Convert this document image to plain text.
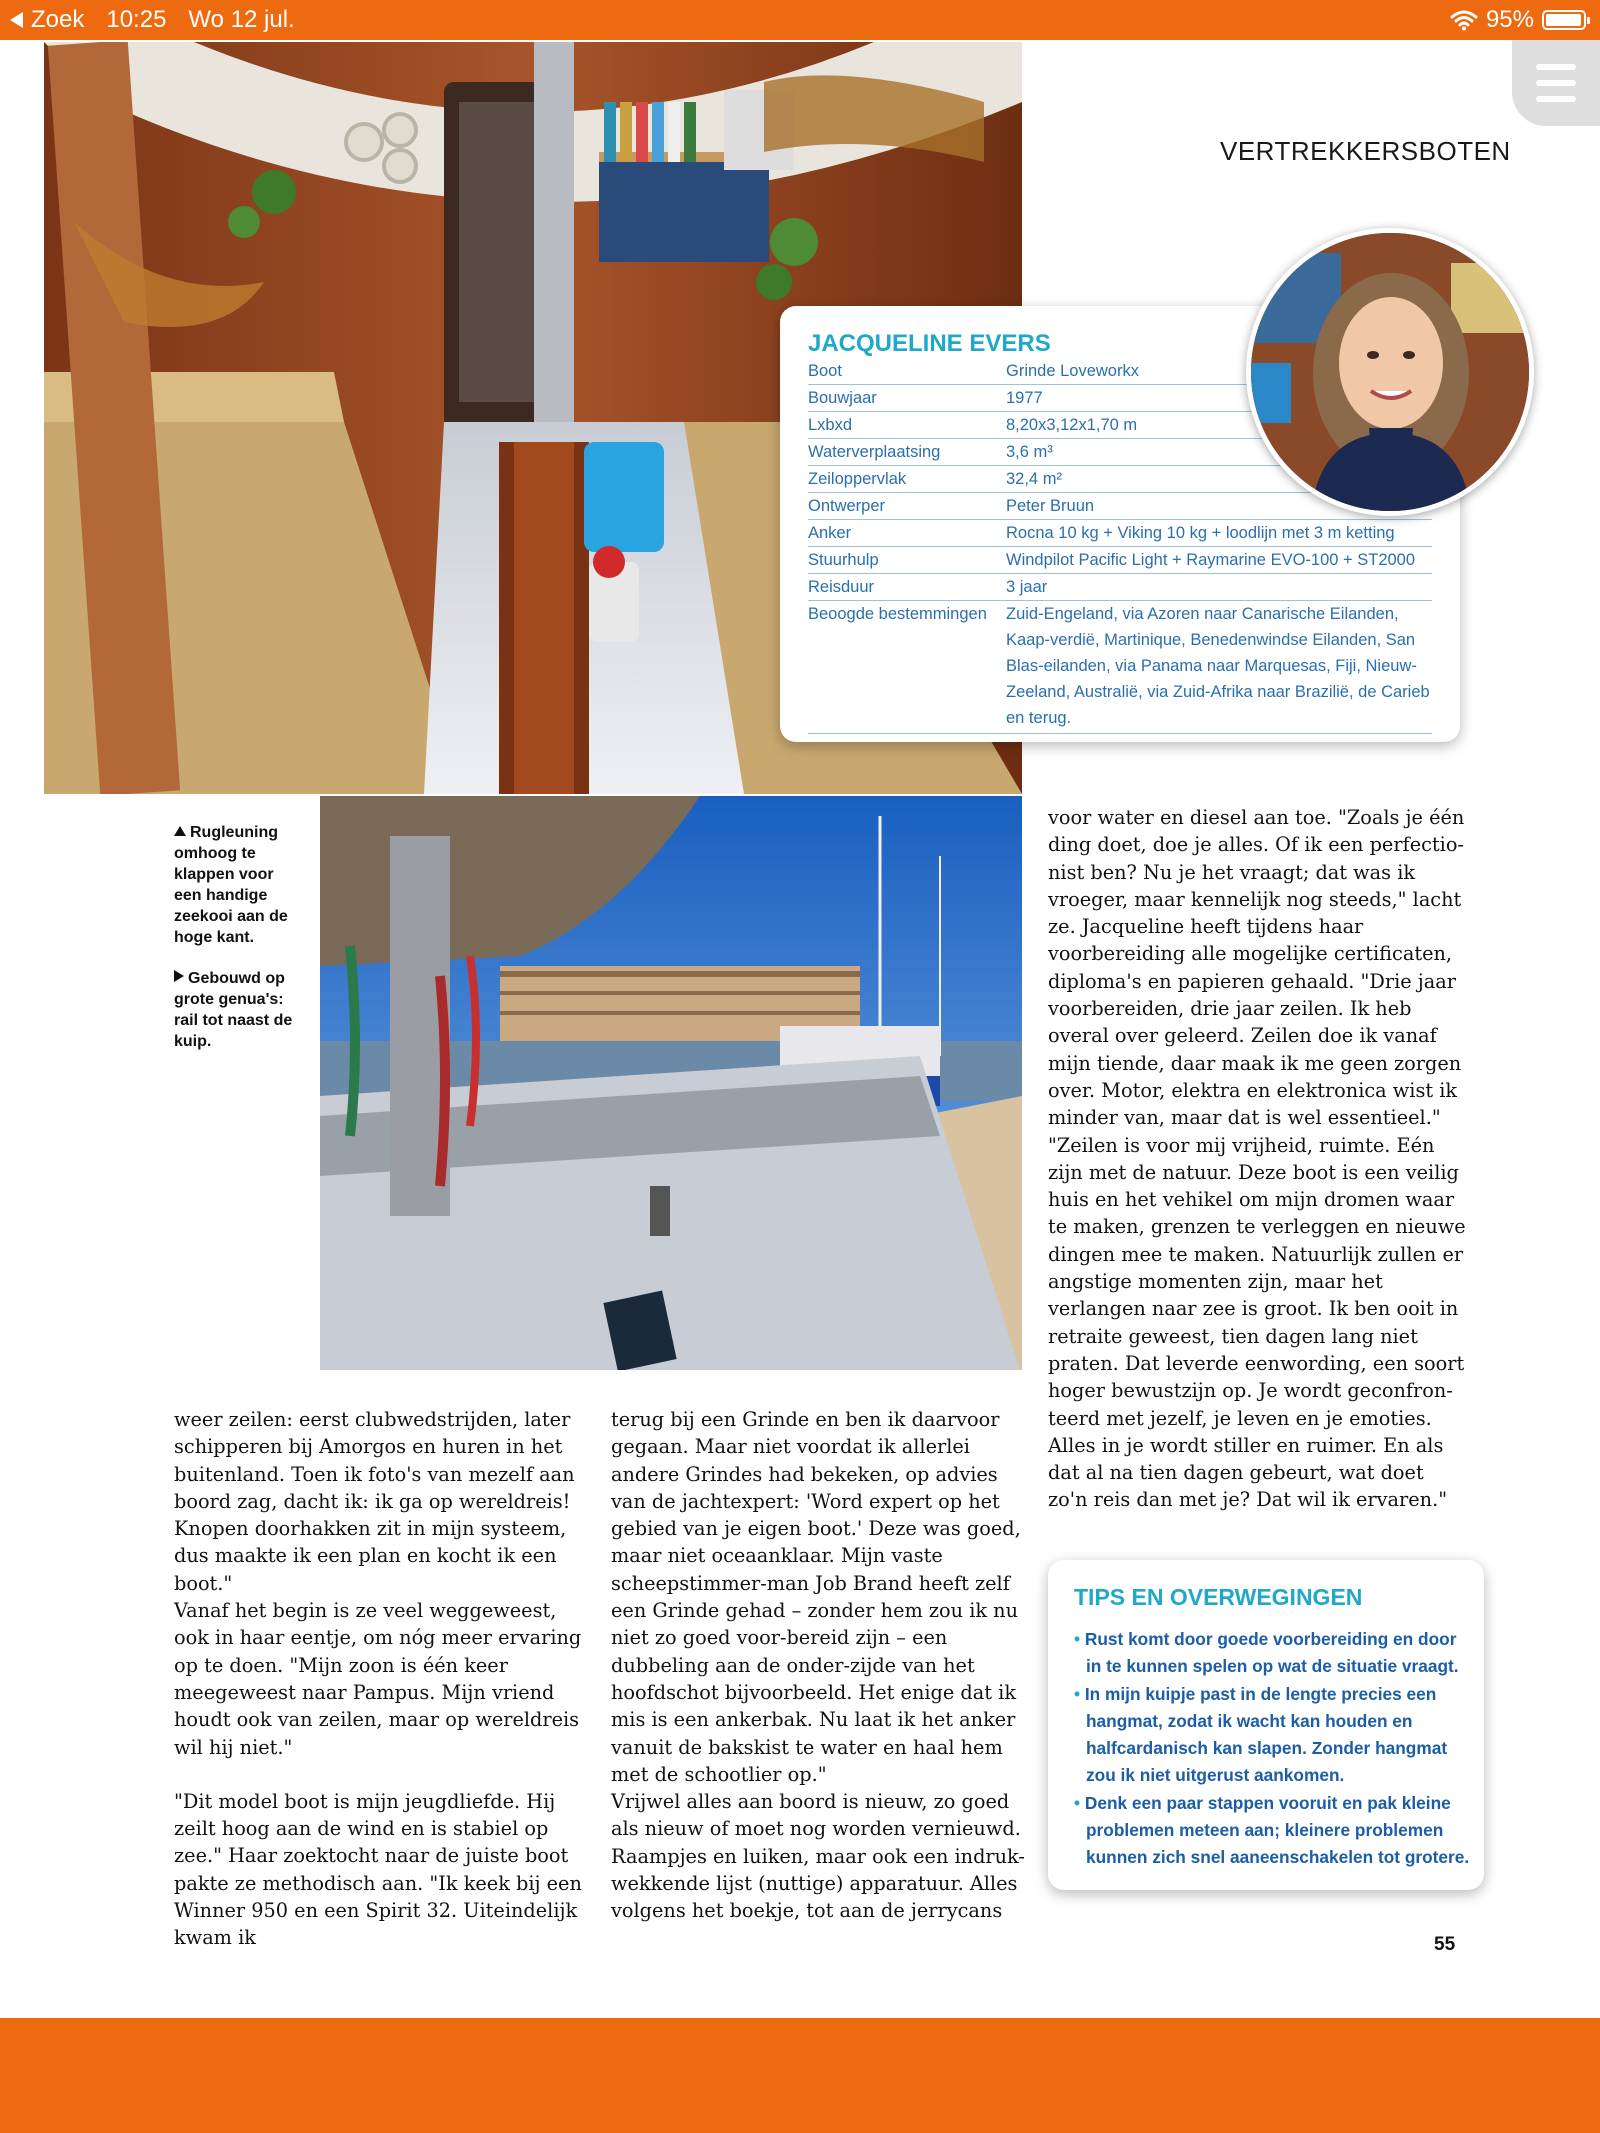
Zoek 10:25 Wo 12 jul.	95%
VERTREKKERSBOTEN
JACQUELINE EVERS
Boot	Grinde Loveworkx
Bouwjaar	1977
Lxbxd	8,20x3,12x1,70 m
Waterverplaatsing	3,6 m³
Zeiloppervlak	32,4 m²
Ontwerper	Peter Bruun
Anker	Rocna 10 kg + Viking 10 kg + loodlijn met 3 m ketting
Stuurhulp	Windpilot Pacific Light + Raymarine EVO-100 + ST2000
Reisduur	3 jaar
Beoogde bestemmingen	Zuid-Engeland, via Azoren naar Canarische Eilanden, Kaap-verdië, Martinique, Benedenwindse Eilanden, San Blas-eilanden, via Panama naar Marquesas, Fiji, Nieuw-Zeeland, Australië, via Zuid-Afrika naar Brazilië, de Carieb en terug.
Rugleuning omhoog te klappen voor een handige zeekooi aan de hoge kant.
Gebouwd op grote genua's: rail tot naast de kuip.

weer zeilen: eerst clubwedstrijden, later schipperen bij Amorgos en huren in het buitenland. Toen ik foto's van mezelf aan boord zag, dacht ik: ik ga op wereldreis! Knopen doorhakken zit in mijn systeem, dus maakte ik een plan en kocht ik een boot."

Vanaf het begin is ze veel weggeweest, ook in haar eentje, om nóg meer ervaring op te doen. "Mijn zoon is één keer meegeweest naar Pampus. Mijn vriend houdt ook van zeilen, maar op wereldreis wil hij niet."

"Dit model boot is mijn jeugdliefde. Hij zeilt hoog aan de wind en is stabiel op zee." Haar zoektocht naar de juiste boot pakte ze methodisch aan. "Ik keek bij een Winner 950 en een Spirit 32. Uiteindelijk kwam ik

terug bij een Grinde en ben ik daarvoor gegaan. Maar niet voordat ik allerlei andere Grindes had bekeken, op advies van de jachtexpert: 'Word expert op het gebied van je eigen boot.' Deze was goed, maar niet oceaanklaar. Mijn vaste scheepstimmer-man Job Brand heeft zelf een Grinde gehad – zonder hem zou ik nu niet zo goed voor-bereid zijn – een dubbeling aan de onder-zijde van het hoofdschot bijvoorbeeld. Het enige dat ik mis is een ankerbak. Nu laat ik het anker vanuit de bakskist te water en haal hem met de schootlier op."

Vrijwel alles aan boord is nieuw, zo goed als nieuw of moet nog worden vernieuwd. Raampjes en luiken, maar ook een indruk-wekkende lijst (nuttige) apparatuur. Alles volgens het boekje, tot aan de jerrycans

voor water en diesel aan toe. "Zoals je één ding doet, doe je alles. Of ik een perfectio-nist ben? Nu je het vraagt; dat was ik vroeger, maar kennelijk nog steeds," lacht ze. Jacqueline heeft tijdens haar voorbereiding alle mogelijke certificaten, diploma's en papieren gehaald. "Drie jaar voorbereiden, drie jaar zeilen. Ik heb overal over geleerd. Zeilen doe ik vanaf mijn tiende, daar maak ik me geen zorgen over. Motor, elektra en elektronica wist ik minder van, maar dat is wel essentieel."

"Zeilen is voor mij vrijheid, ruimte. Eén zijn met de natuur. Deze boot is een veilig huis en het vehikel om mijn dromen waar te maken, grenzen te verleggen en nieuwe dingen mee te maken. Natuurlijk zullen er angstige momenten zijn, maar het verlangen naar zee is groot. Ik ben ooit in retraite geweest, tien dagen lang niet praten. Dat leverde eenwording, een soort hoger bewustzijn op. Je wordt geconfron-teerd met jezelf, je leven en je emoties. Alles in je wordt stiller en ruimer. En als dat al na tien dagen gebeurt, wat doet zo'n reis dan met je? Dat wil ik ervaren."

TIPS EN OVERWEGINGEN
• Rust komt door goede voorbereiding en door in te kunnen spelen op wat de situatie vraagt.
• In mijn kuipje past in de lengte precies een hangmat, zodat ik wacht kan houden en halfcardanisch kan slapen. Zonder hangmat zou ik niet uitgerust aankomen.
• Denk een paar stappen vooruit en pak kleine problemen meteen aan; kleinere problemen kunnen zich snel aaneenschakelen tot grotere.
55
